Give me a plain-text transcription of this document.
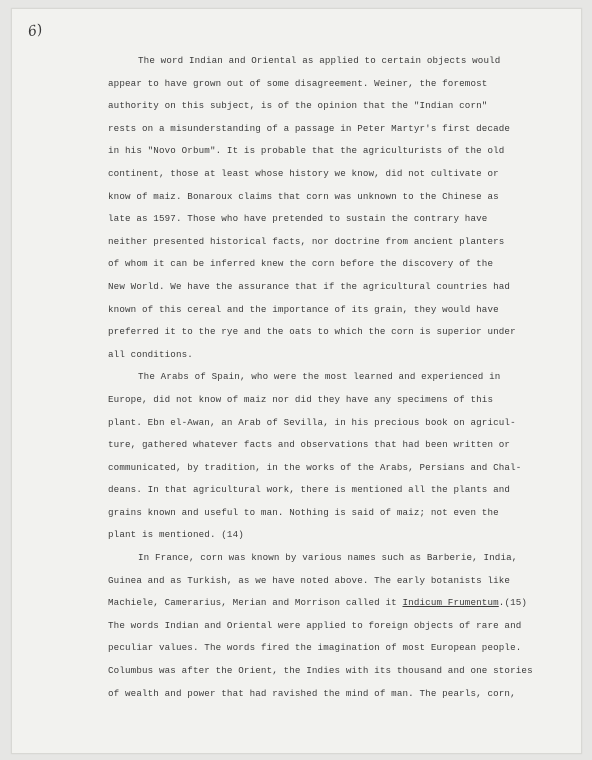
6)
The word Indian and Oriental as applied to certain objects would
appear to have grown out of some disagreement. Weiner, the foremost
authority on this subject, is of the opinion that the "Indian corn"
rests on a misunderstanding of a passage in Peter Martyr's first decade
in his "Novo Orbum". It is probable that the agriculturists of the old
continent, those at least whose history we know, did not cultivate or
know of maiz. Bonaroux claims that corn was unknown to the Chinese as
late as 1597. Those who have pretended to sustain the contrary have
neither presented historical facts, nor doctrine from ancient planters
of whom it can be inferred knew the corn before the discovery of the
New World. We have the assurance that if the agricultural countries had
known of this cereal and the importance of its grain, they would have
preferred it to the rye and the oats to which the corn is superior under
all conditions.
The Arabs of Spain, who were the most learned and experienced in
Europe, did not know of maiz nor did they have any specimens of this
plant. Ebn el-Awan, an Arab of Sevilla, in his precious book on agricul-
ture, gathered whatever facts and observations that had been written or
communicated, by tradition, in the works of the Arabs, Persians and Chal-
deans. In that agricultural work, there is mentioned all the plants and
grains known and useful to man. Nothing is said of maiz; not even the
plant is mentioned. (14)
In France, corn was known by various names such as Barberie, India,
Guinea and as Turkish, as we have noted above. The early botanists like
Machiele, Camerarius, Merian and Morrison called it Indicum Frumentum.(15)
The words Indian and Oriental were applied to foreign objects of rare and
peculiar values. The words fired the imagination of most European people.
Columbus was after the Orient, the Indies with its thousand and one stories
of wealth and power that had ravished the mind of man. The pearls, corn,
